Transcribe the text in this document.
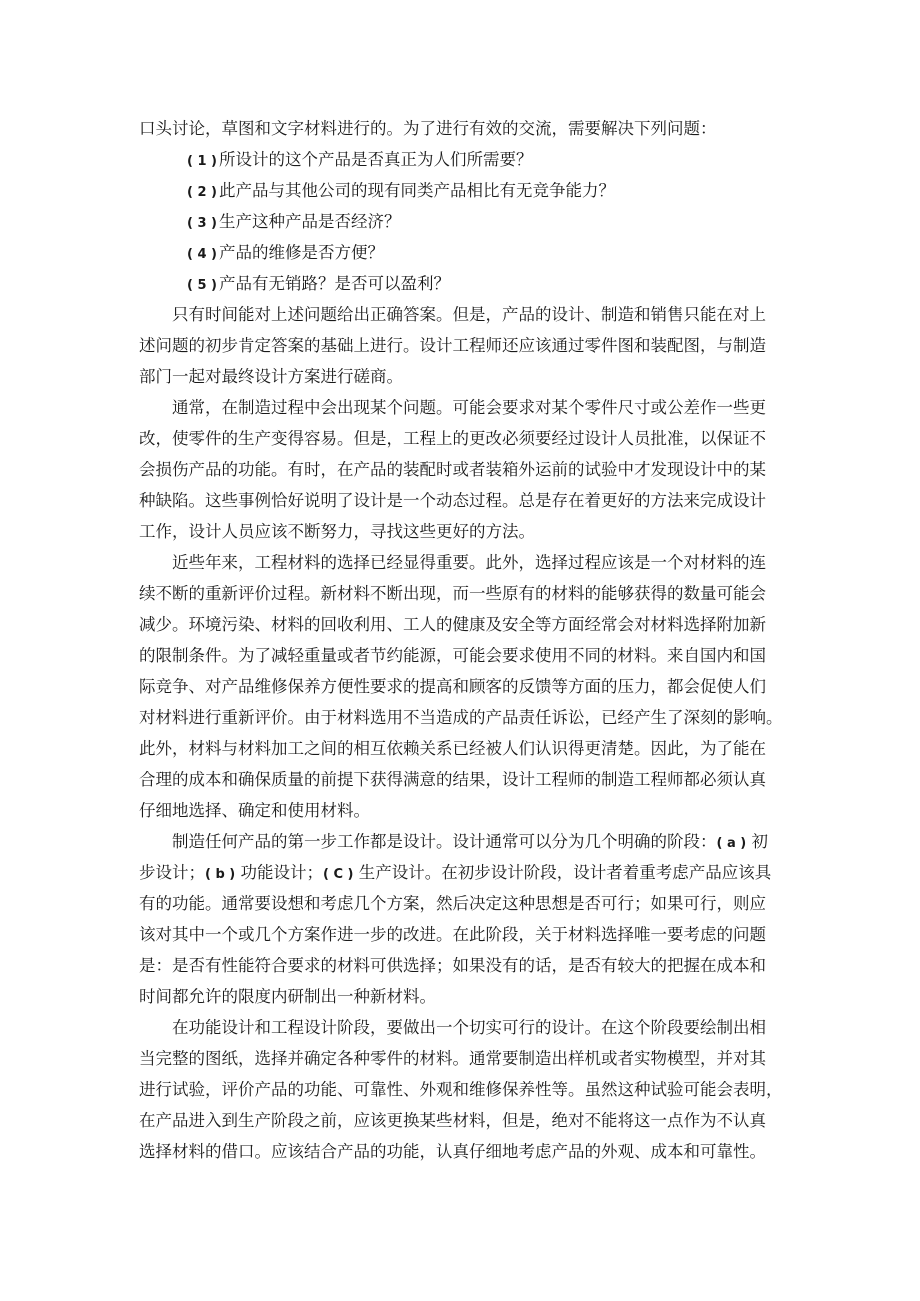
口头讨论，草图和文字材料进行的。为了进行有效的交流，需要解决下列问题：
( 1 ) 所设计的这个产品是否真正为人们所需要？
( 2 ) 此产品与其他公司的现有同类产品相比有无竞争能力？
( 3 ) 生产这种产品是否经济？
( 4 ) 产品的维修是否方便？
( 5 ) 产品有无销路？是否可以盈利？
只有时间能对上述问题给出正确答案。但是，产品的设计、制造和销售只能在对上
述问题的初步肯定答案的基础上进行。设计工程师还应该通过零件图和装配图，与制造
部门一起对最终设计方案进行磋商。
通常，在制造过程中会出现某个问题。可能会要求对某个零件尺寸或公差作一些更
改，使零件的生产变得容易。但是，工程上的更改必须要经过设计人员批准，以保证不
会损伤产品的功能。有时，在产品的装配时或者装箱外运前的试验中才发现设计中的某
种缺陷。这些事例恰好说明了设计是一个动态过程。总是存在着更好的方法来完成设计
工作，设计人员应该不断努力，寻找这些更好的方法。
近些年来，工程材料的选择已经显得重要。此外，选择过程应该是一个对材料的连
续不断的重新评价过程。新材料不断出现，而一些原有的材料的能够获得的数量可能会
减少。环境污染、材料的回收利用、工人的健康及安全等方面经常会对材料选择附加新
的限制条件。为了减轻重量或者节约能源，可能会要求使用不同的材料。来自国内和国
际竞争、对产品维修保养方便性要求的提高和顾客的反馈等方面的压力，都会促使人们
对材料进行重新评价。由于材料选用不当造成的产品责任诉讼，已经产生了深刻的影响。
此外，材料与材料加工之间的相互依赖关系已经被人们认识得更清楚。因此，为了能在
合理的成本和确保质量的前提下获得满意的结果，设计工程师的制造工程师都必须认真
仔细地选择、确定和使用材料。
制造任何产品的第一步工作都是设计。设计通常可以分为几个明确的阶段：( a ) 初
步设计；( b ) 功能设计；( C ) 生产设计。在初步设计阶段，设计者着重考虑产品应该具
有的功能。通常要设想和考虑几个方案，然后决定这种思想是否可行；如果可行，则应
该对其中一个或几个方案作进一步的改进。在此阶段，关于材料选择唯一要考虑的问题
是：是否有性能符合要求的材料可供选择；如果没有的话，是否有较大的把握在成本和
时间都允许的限度内研制出一种新材料。
在功能设计和工程设计阶段，要做出一个切实可行的设计。在这个阶段要绘制出相
当完整的图纸，选择并确定各种零件的材料。通常要制造出样机或者实物模型，并对其
进行试验，评价产品的功能、可靠性、外观和维修保养性等。虽然这种试验可能会表明，
在产品进入到生产阶段之前，应该更换某些材料，但是，绝对不能将这一点作为不认真
选择材料的借口。应该结合产品的功能，认真仔细地考虑产品的外观、成本和可靠性。
